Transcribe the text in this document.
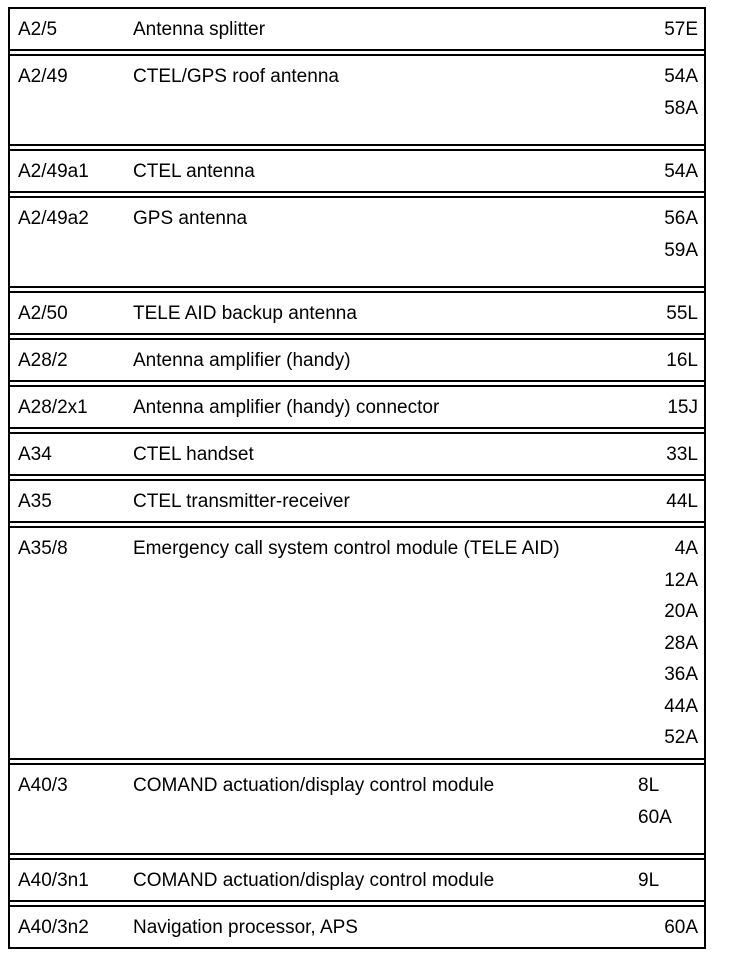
A2/5	Antenna splitter	57E
A2/49	CTEL/GPS roof antenna	54A
58A
A2/49a1 CTEL antenna	54A
A2/49a2 GPS antenna	56A
59A
A2/50	TELE AID backup antenna	55L
A28/2	Antenna amplifier (handy)	16L
A28/2x1 Antenna amplifier (handy) connector	15J
A34	CTEL handset	33L
A35	CTEL transmitter-receiver	44L
A35/8	Emergency call system control module (TELE AID)	4A
12A
20A
28A
36A
44A
52A
A40/3	COMAND actuation/display control module	8L
60A
A40/3n1 COMAND actuation/display control module	9L
A40/3n2 Navigation processor, APS	60A
